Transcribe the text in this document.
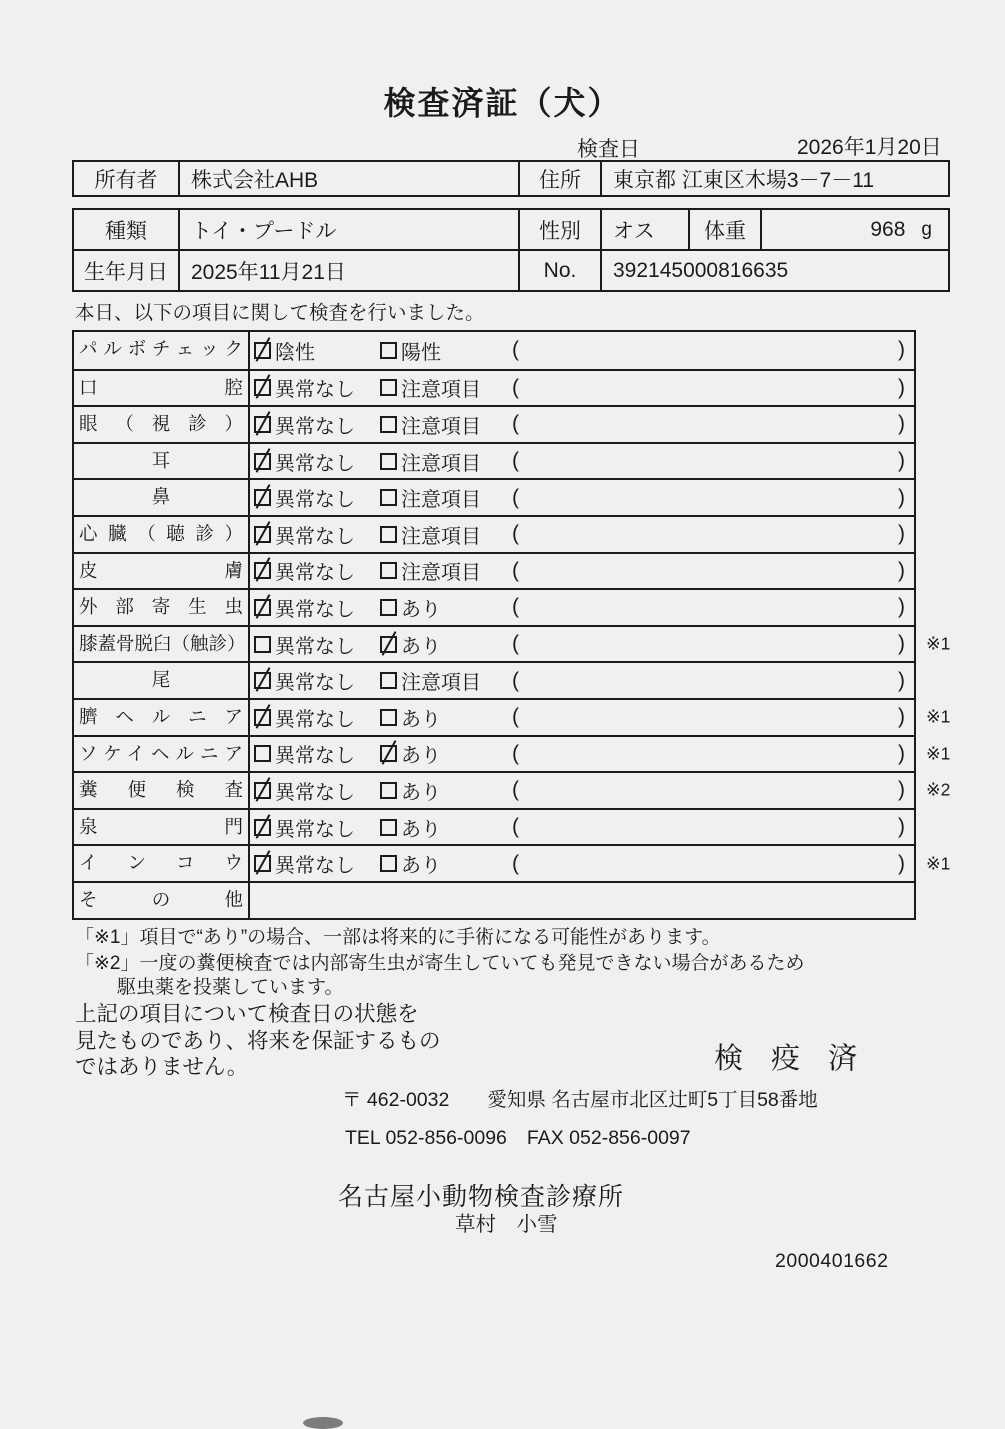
検査済証（犬）
検査日	2026年1月20日
所有者	株式会社AHB	住所	東京都 江東区木場3－7－11
種類	トイ・プードル	性別	オス	体重	968 g
生年月日	2025年11月21日	No.	392145000816635
本日、以下の項目に関して検査を行いました。
パルボチェック	陰性	陽性	(	)
口腔	異常なし 注意項目 (	)
眼（視診）	異常なし 注意項目 (	)
耳	異常なし 注意項目 (	)
鼻	異常なし 注意項目 (	)
心臓（聴診）	異常なし 注意項目 (	)
皮膚	異常なし 注意項目 (	)
外部寄生虫	異常なし あり	(	)
膝蓋骨脱臼（触診） 異常なし あり	(	) ※1
尾	異常なし 注意項目 (	)
臍ヘルニア	異常なし あり	(	) ※1
ソケイヘルニア	異常なし あり	(	) ※1
糞便検査	異常なし あり	(	) ※2
泉門	異常なし あり	(	)
インコウ	異常なし あり	(	) ※1
その他
「※1」項目で“あり”の場合、一部は将来的に手術になる可能性があります。
「※2」一度の糞便検査では内部寄生虫が寄生していても発見できない場合があるため
駆虫薬を投薬しています。
上記の項目について検査日の状態を
見たものであり、将来を保証するもの
ではありません。	検 疫 済
〒 462-0032 愛知県 名古屋市北区辻町5丁目58番地
TEL 052-856-0096 FAX 052-856-0097
名古屋小動物検査診療所
草村　小雪
2000401662
